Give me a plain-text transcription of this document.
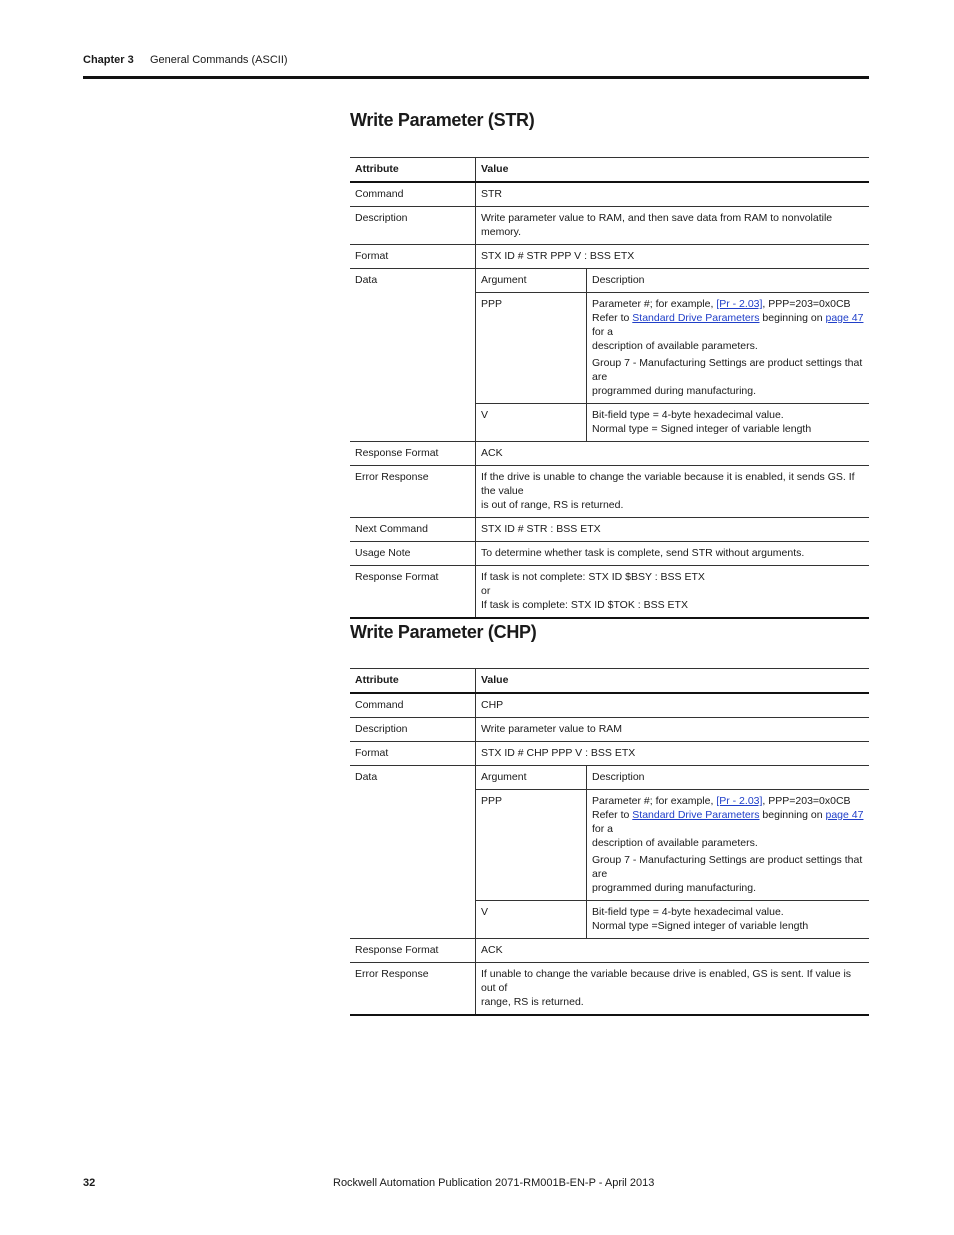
Chapter 3 General Commands (ASCII)
Write Parameter (STR)
Attribute	Value
Command	STR
Description	Write parameter value to RAM, and then save data from RAM to nonvolatile memory.
Format	STX ID # STR PPP V : BSS ETX
Data		Argument	Description
PPP	Parameter #; for example, [Pr - 2.03], PPP=203=0x0CB

Refer to Standard Drive Parameters beginning on page 47 for a

description of available parameters.

Group 7 - Manufacturing Settings are product settings that are

programmed during manufacturing.

V	Bit-field type = 4-byte hexadecimal value.

Normal type = Signed integer of variable length

Response Format	ACK
Error Response	If the drive is unable to change the variable because it is enabled, it sends GS. If the value

is out of range, RS is returned.

Next Command	STX ID # STR : BSS ETX
Usage Note	To determine whether task is complete, send STR without arguments.
Response Format	If task is not complete: STX ID $BSY : BSS ETX

or

If task is complete: STX ID $TOK : BSS ETX

Write Parameter (CHP)
Attribute	Value
Command	CHP
Description	Write parameter value to RAM
Format	STX ID # CHP PPP V : BSS ETX
Data		Argument	Description
PPP	Parameter #; for example, [Pr - 2.03], PPP=203=0x0CB

Refer to Standard Drive Parameters beginning on page 47 for a

description of available parameters.

Group 7 - Manufacturing Settings are product settings that are

programmed during manufacturing.

V	Bit-field type = 4-byte hexadecimal value.

Normal type =Signed integer of variable length

Response Format	ACK
Error Response	If unable to change the variable because drive is enabled, GS is sent. If value is out of

range, RS is returned.

32	Rockwell Automation Publication 2071-RM001B-EN-P - April 2013
